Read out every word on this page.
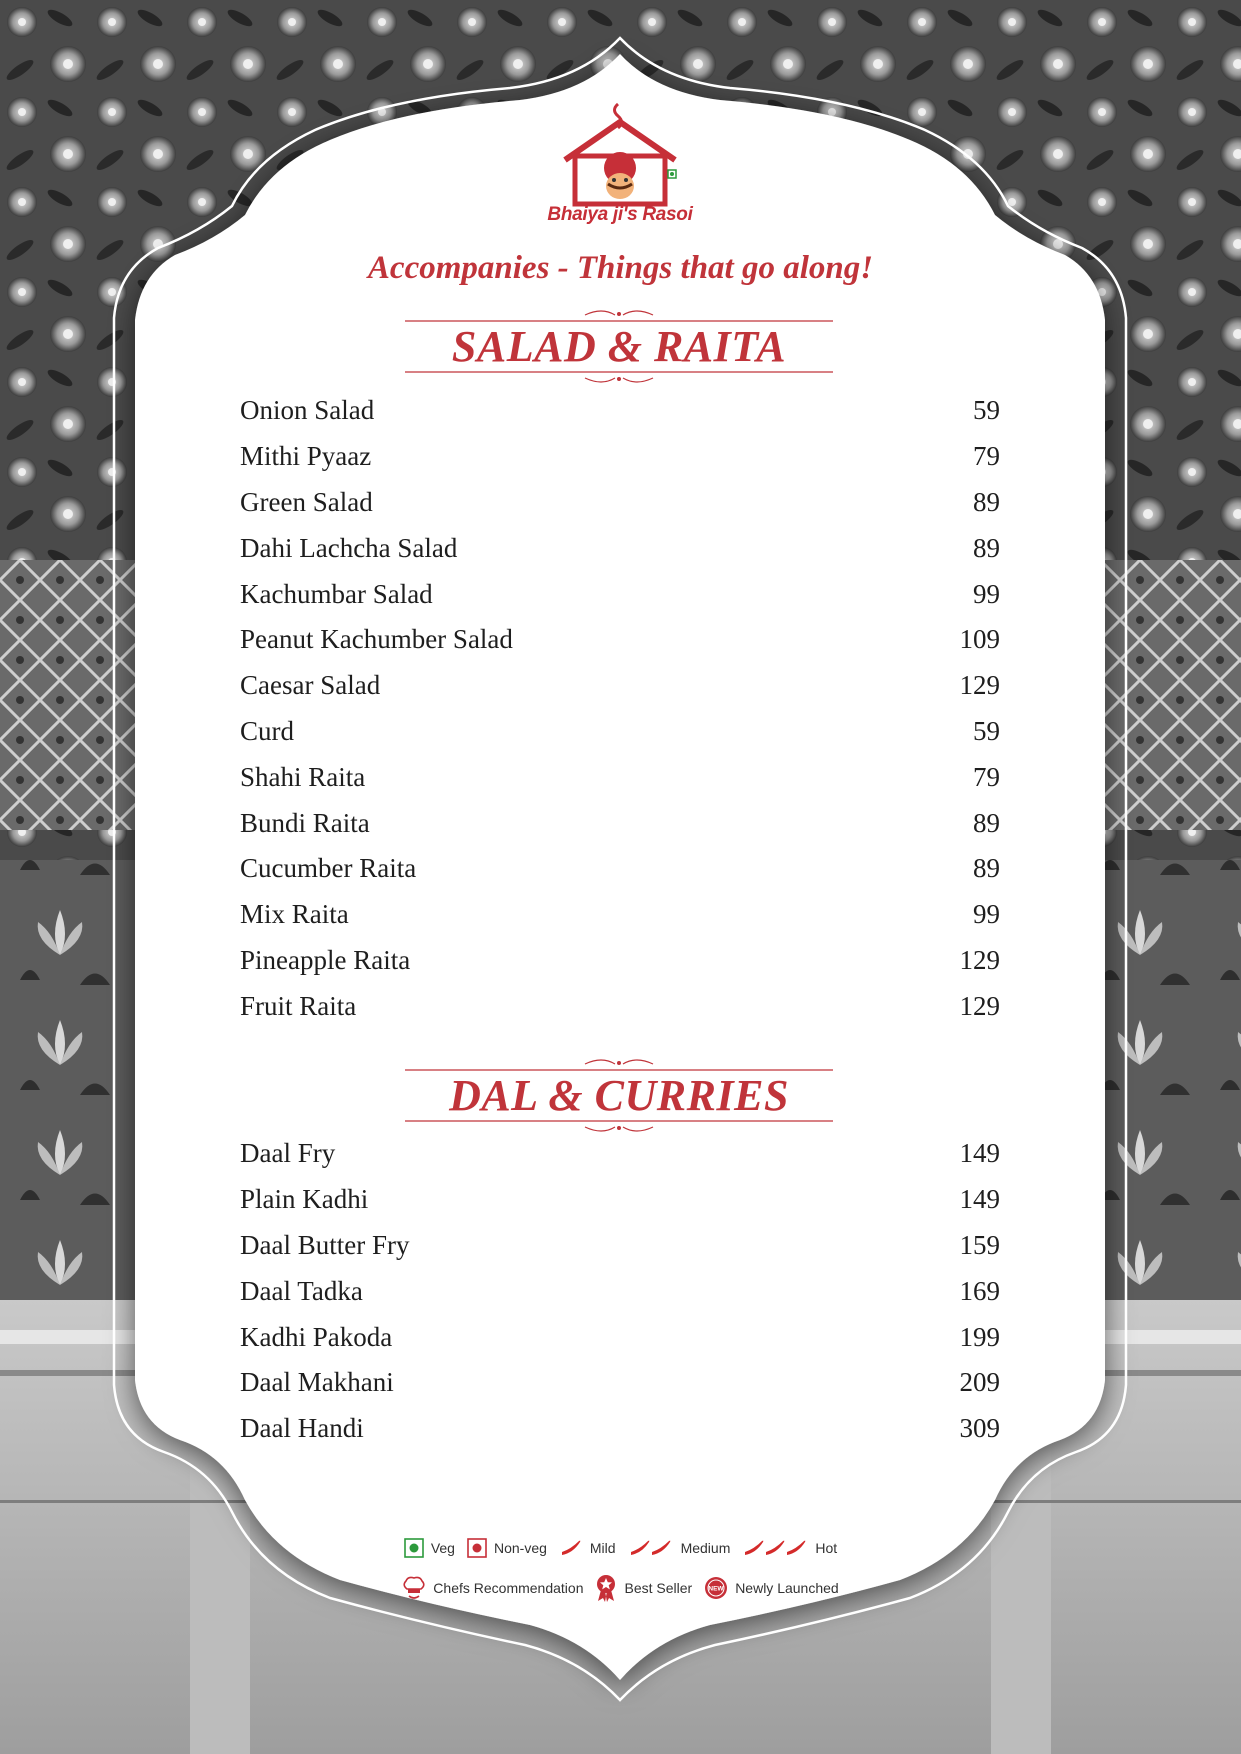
Bhaiya ji's Rasoi
Accompanies - Things that go along!
SALAD & RAITA
Onion Salad	59
Mithi Pyaaz	79
Green Salad	89
Dahi Lachcha Salad	89
Kachumbar Salad	99
Peanut Kachumber Salad	109
Caesar Salad	129
Curd	59
Shahi Raita	79
Bundi Raita	89
Cucumber Raita	89
Mix Raita	99
Pineapple Raita	129
Fruit Raita	129
DAL & CURRIES
Daal Fry	149
Plain Kadhi	149
Daal Butter Fry	159
Daal Tadka	169
Kadhi Pakoda	199
Daal Makhani	209
Daal Handi	309
Veg	Non-veg	Mild	Medium	Hot
Chefs Recommendation	Best Seller	NEW Newly Launched
